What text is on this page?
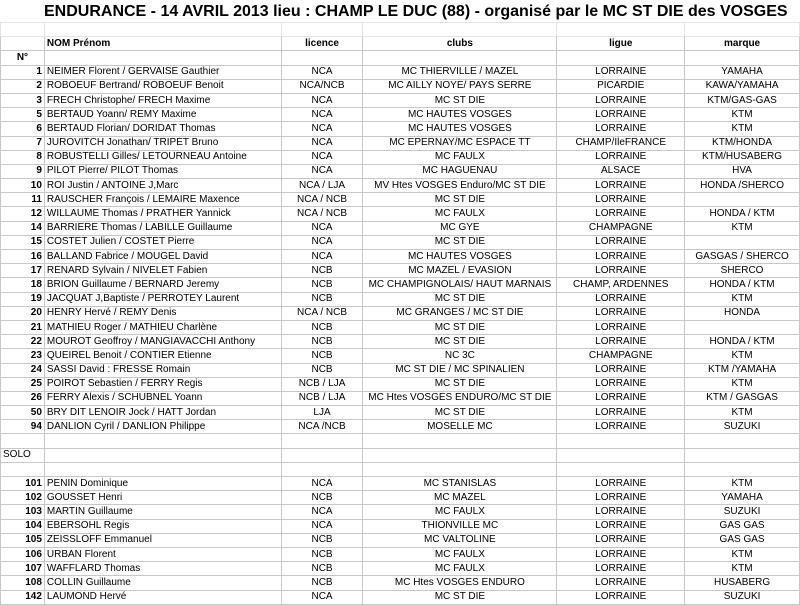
ENDURANCE - 14 AVRIL 2013 lieu : CHAMP LE DUC (88) - organisé par le MC ST DIE des VOSGES

	NOM Prénom	licence	clubs	ligue	marque
N°					
1	NEIMER Florent / GERVAISE Gauthier	NCA	MC THIERVILLE / MAZEL	LORRAINE	YAMAHA
2	ROBOEUF Bertrand/ ROBOEUF Benoit	NCA/NCB	MC AILLY NOYE/ PAYS SERRE	PICARDIE	KAWA/YAMAHA
3	FRECH Christophe/ FRECH Maxime	NCA	MC ST DIE	LORRAINE	KTM/GAS-GAS
5	BERTAUD Yoann/ REMY Maxime	NCA	MC HAUTES VOSGES	LORRAINE	KTM
6	BERTAUD Florian/ DORIDAT Thomas	NCA	MC HAUTES VOSGES	LORRAINE	KTM
7	JUROVITCH Jonathan/ TRIPET Bruno	NCA	MC EPERNAY/MC ESPACE TT	CHAMP/IleFRANCE	KTM/HONDA
8	ROBUSTELLI Gilles/ LETOURNEAU Antoine	NCA	MC FAULX	LORRAINE	KTM/HUSABERG
9	PILOT Pierre/ PILOT Thomas	NCA	MC HAGUENAU	ALSACE	HVA
10	ROI Justin / ANTOINE J,Marc	NCA / LJA	MV Htes VOSGES Enduro/MC ST DIE	LORRAINE	HONDA /SHERCO
11	RAUSCHER François / LEMAIRE Maxence	NCA / NCB	MC ST DIE	LORRAINE	
12	WILLAUME Thomas / PRATHER Yannick	NCA / NCB	MC FAULX	LORRAINE	HONDA / KTM
14	BARRIERE Thomas / LABILLE Guillaume	NCA	MC GYE	CHAMPAGNE	KTM
15	COSTET Julien / COSTET Pierre	NCA	MC ST DIE	LORRAINE	
16	BALLAND Fabrice / MOUGEL David	NCA	MC HAUTES VOSGES	LORRAINE	GASGAS / SHERCO
17	RENARD Sylvain / NIVELET Fabien	NCB	MC MAZEL / EVASION	LORRAINE	SHERCO
18	BRION Guillaume / BERNARD Jeremy	NCB	MC CHAMPIGNOLAIS/ HAUT MARNAIS	CHAMP, ARDENNES	HONDA / KTM
19	JACQUAT J,Baptiste / PERROTEY Laurent	NCB	MC ST DIE	LORRAINE	KTM
20	HENRY Hervé / REMY Denis	NCA / NCB	MC GRANGES / MC ST DIE	LORRAINE	HONDA
21	MATHIEU Roger / MATHIEU Charlène	NCB	MC ST DIE	LORRAINE	
22	MOUROT Geoffroy / MANGIAVACCHI Anthony	NCB	MC ST DIE	LORRAINE	HONDA / KTM
23	QUEIREL Benoit / CONTIER Etienne	NCB	NC 3C	CHAMPAGNE	KTM
24	SASSI David : FRESSE Romain	NCB	MC ST DIE / MC SPINALIEN	LORRAINE	KTM /YAMAHA
25	POIROT Sebastien / FERRY Regis	NCB / LJA	MC ST DIE	LORRAINE	KTM
26	FERRY Alexis / SCHUBNEL Yoann	NCB / LJA	MC Htes VOSGES ENDURO/MC ST DIE	LORRAINE	KTM / GASGAS
50	BRY DIT LENOIR Jock / HATT Jordan	LJA	MC ST DIE	LORRAINE	KTM
94	DANLION Cyril / DANLION Philippe	NCA /NCB	MOSELLE MC	LORRAINE	SUZUKI

SOLO					

101	PENIN Dominique	NCA	MC STANISLAS	LORRAINE	KTM
102	GOUSSET Henri	NCB	MC MAZEL	LORRAINE	YAMAHA
103	MARTIN Guillaume	NCA	MC FAULX	LORRAINE	SUZUKI
104	EBERSOHL Regis	NCA	THIONVILLE MC	LORRAINE	GAS GAS
105	ZEISSLOFF Emmanuel	NCB	MC VALTOLINE	LORRAINE	GAS GAS
106	URBAN Florent	NCB	MC FAULX	LORRAINE	KTM
107	WAFFLARD Thomas	NCB	MC FAULX	LORRAINE	KTM
108	COLLIN Guillaume	NCB	MC Htes VOSGES ENDURO	LORRAINE	HUSABERG
142	LAUMOND Hervé	NCA	MC ST DIE	LORRAINE	SUZUKI
